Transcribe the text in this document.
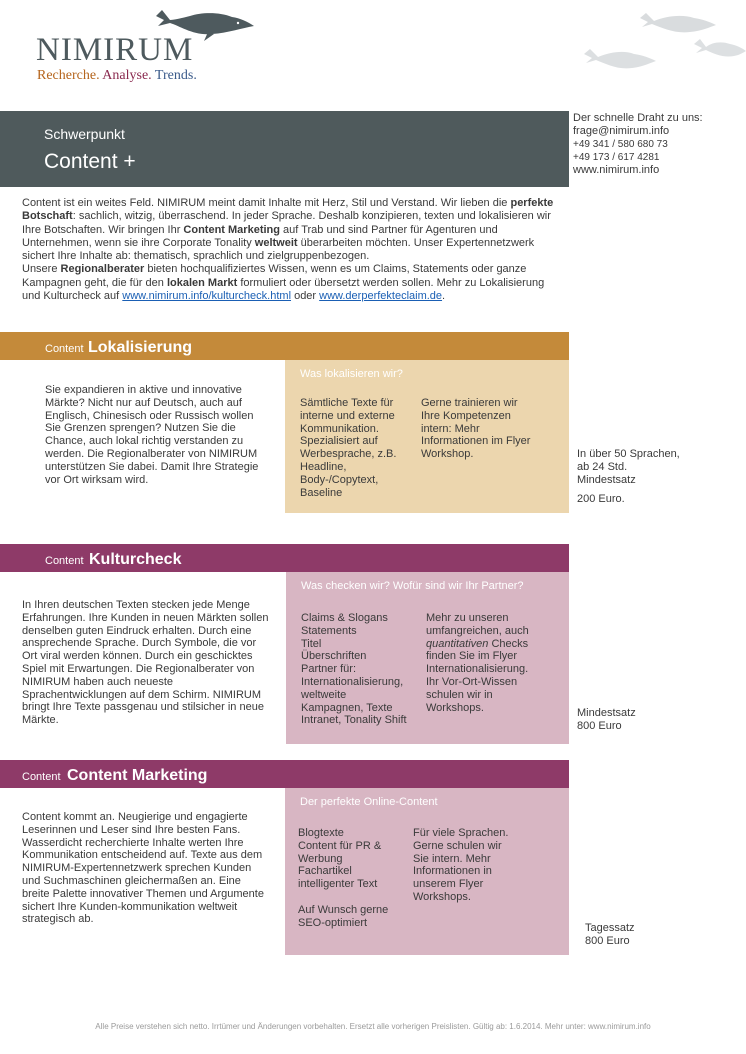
NIMIRUM
Recherche. Analyse. Trends.
Schwerpunkt
Content +
Der schnelle Draht zu uns:
frage@nimirum.info
+49 341 / 580 680 73
+49 173 / 617 4281
www.nimirum.info

Content ist ein weites Feld. NIMIRUM meint damit Inhalte mit Herz, Stil und Verstand. Wir lieben die perfekte Botschaft: sachlich, witzig, überraschend. In jeder Sprache. Deshalb konzipieren, texten und lokalisieren wir Ihre Botschaften. Wir bringen Ihr Content Marketing auf Trab und sind Partner für Agenturen und Unternehmen, wenn sie ihre Corporate Tonality weltweit überarbeiten möchten. Unser Expertennetzwerk sichert Ihre Inhalte ab: thematisch, sprachlich und zielgruppenbezogen.

Unsere Regionalberater bieten hochqualifiziertes Wissen, wenn es um Claims, Statements oder ganze Kampagnen geht, die für den lokalen Markt formuliert oder übersetzt werden sollen. Mehr zu Lokalisierung und Kulturcheck auf www.nimirum.info/kulturcheck.html oder www.derperfekteclaim.de.

Content Lokalisierung
Sie expandieren in aktive und innovative Märkte? Nicht nur auf Deutsch, auch auf Englisch, Chinesisch oder Russisch wollen Sie Grenzen sprengen? Nutzen Sie die Chance, auch lokal richtig verstanden zu werden. Die Regionalberater von NIMIRUM unterstützen Sie dabei. Damit Ihre Strategie vor Ort wirksam wird.
Was lokalisieren wir?
Sämtliche Texte für interne und externe Kommunikation. Spezialisiert auf Werbesprache, z.B. Headline, Body-/Copytext, Baseline
Gerne trainieren wir Ihre Kompetenzen intern: Mehr Informationen im Flyer Workshop.	In über 50 Sprachen,
ab 24 Std.
Mindestsatz
200 Euro.
Content Kulturcheck
In Ihren deutschen Texten stecken jede Menge Erfahrungen. Ihre Kunden in neuen Märkten sollen denselben guten Eindruck erhalten. Durch eine ansprechende Sprache. Durch Symbole, die vor Ort viral werden können. Durch ein geschicktes Spiel mit Erwartungen. Die Regionalberater von NIMIRUM haben auch neueste Sprachentwicklungen auf dem Schirm. NIMIRUM bringt Ihre Texte passgenau und stilsicher in neue Märkte.
Was checken wir? Wofür sind wir Ihr Partner?
Claims & Slogans
Statements
Titel
Überschriften
Partner für:
Internationalisierung,
weltweite
Kampagnen, Texte
Intranet, Tonality Shift
Mehr zu unseren umfangreichen, auch quantitativen Checks finden Sie im Flyer Internationalisierung. Ihr Vor-Ort-Wissen schulen wir in Workshops.	Mindestsatz
800 Euro
Content Content Marketing
Content kommt an. Neugierige und engagierte Leserinnen und Leser sind Ihre besten Fans. Wasserdicht recherchierte Inhalte werten Ihre Kommunikation entscheidend auf. Texte aus dem NIMIRUM-Expertennetzwerk sprechen Kunden und Suchmaschinen gleichermaßen an. Eine breite Palette innovativer Themen und Argumente sichert Ihre Kunden-kommunikation weltweit strategisch ab.
Der perfekte Online-Content
Blogtexte
Content für PR &
Werbung
Fachartikel
intelligenter Text
Auf Wunsch gerne SEO-optimiert
Für viele Sprachen. Gerne schulen wir Sie intern. Mehr Informationen in unserem Flyer Workshops.
Tagessatz
800 Euro
Alle Preise verstehen sich netto. Irrtümer und Änderungen vorbehalten. Ersetzt alle vorherigen Preislisten. Gültig ab: 1.6.2014. Mehr unter: www.nimirum.info
